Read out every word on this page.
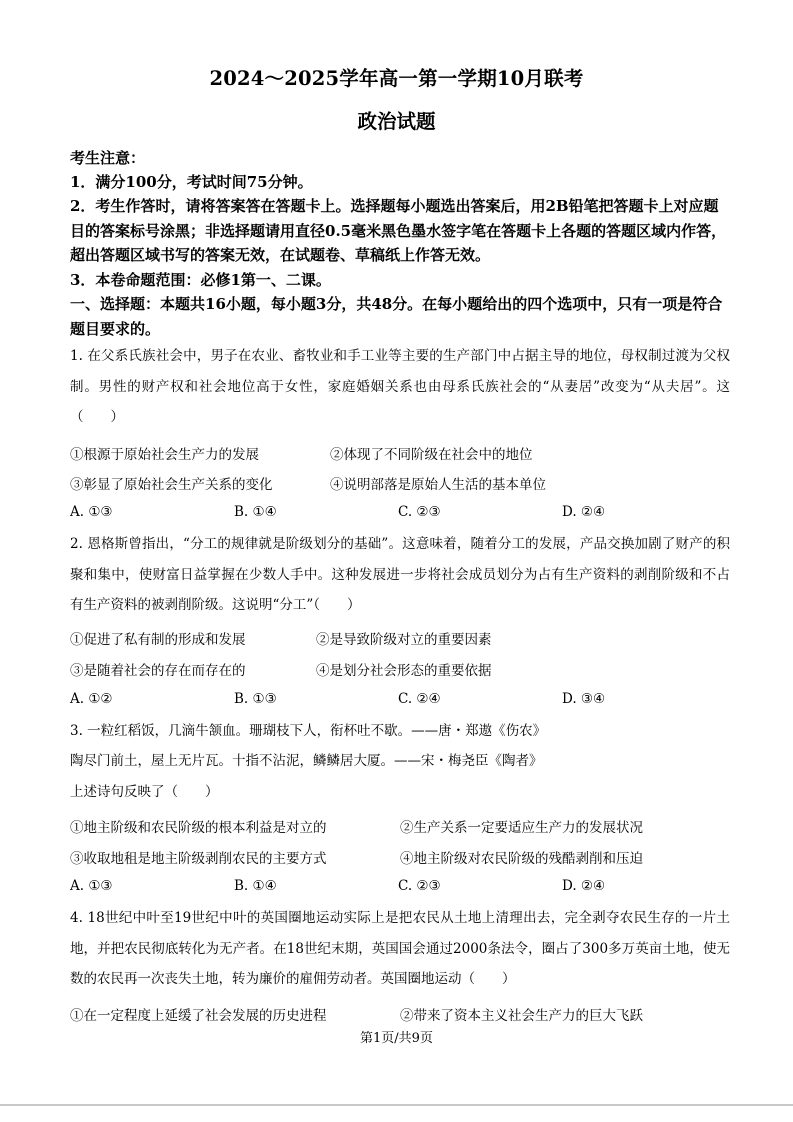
2024～2025学年高一第一学期10月联考
政治试题
考生注意：
1．满分100分，考试时间75分钟。
2．考生作答时，请将答案答在答题卡上。选择题每小题选出答案后，用2B铅笔把答题卡上对应题目的答案标号涂黑；非选择题请用直径0.5毫米黑色墨水签字笔在答题卡上各题的答题区域内作答，超出答题区域书写的答案无效，在试题卷、草稿纸上作答无效。
3．本卷命题范围：必修1第一、二课。
一、选择题：本题共16小题，每小题3分，共48分。在每小题给出的四个选项中，只有一项是符合题目要求的。
1. 在父系氏族社会中，男子在农业、畜牧业和手工业等主要的生产部门中占据主导的地位，母权制过渡为父权制。男性的财产权和社会地位高于女性，家庭婚姻关系也由母系氏族社会的“从妻居”改变为“从夫居”。这（　　）
①根源于原始社会生产力的发展	②体现了不同阶级在社会中的地位
③彰显了原始社会生产关系的变化	④说明部落是原始人生活的基本单位
A. ①③	B. ①④	C. ②③	D. ②④
2. 恩格斯曾指出，“分工的规律就是阶级划分的基础”。这意味着，随着分工的发展，产品交换加剧了财产的积聚和集中，使财富日益掌握在少数人手中。这种发展进一步将社会成员划分为占有生产资料的剥削阶级和不占有生产资料的被剥削阶级。这说明“分工”（　　）
①促进了私有制的形成和发展	②是导致阶级对立的重要因素
③是随着社会的存在而存在的	④是划分社会形态的重要依据
A. ①②	B. ①③	C. ②④	D. ③④
3. 一粒红稻饭，几滴牛颔血。珊瑚枝下人，衔杯吐不歇。——唐・郑遨《伤农》
陶尽门前土，屋上无片瓦。十指不沾泥，鳞鳞居大厦。——宋・梅尧臣《陶者》
上述诗句反映了（　　）
①地主阶级和农民阶级的根本利益是对立的	②生产关系一定要适应生产力的发展状况
③收取地租是地主阶级剥削农民的主要方式	④地主阶级对农民阶级的残酷剥削和压迫
A. ①③	B. ①④	C. ②③	D. ②④
4. 18世纪中叶至19世纪中叶的英国圈地运动实际上是把农民从土地上清理出去，完全剥夺农民生存的一片土地，并把农民彻底转化为无产者。在18世纪末期，英国国会通过2000条法令，圈占了300多万英亩土地，使无数的农民再一次丧失土地，转为廉价的雇佣劳动者。英国圈地运动（　　）
①在一定程度上延缓了社会发展的历史进程	②带来了资本主义社会生产力的巨大飞跃
第1页/共9页
